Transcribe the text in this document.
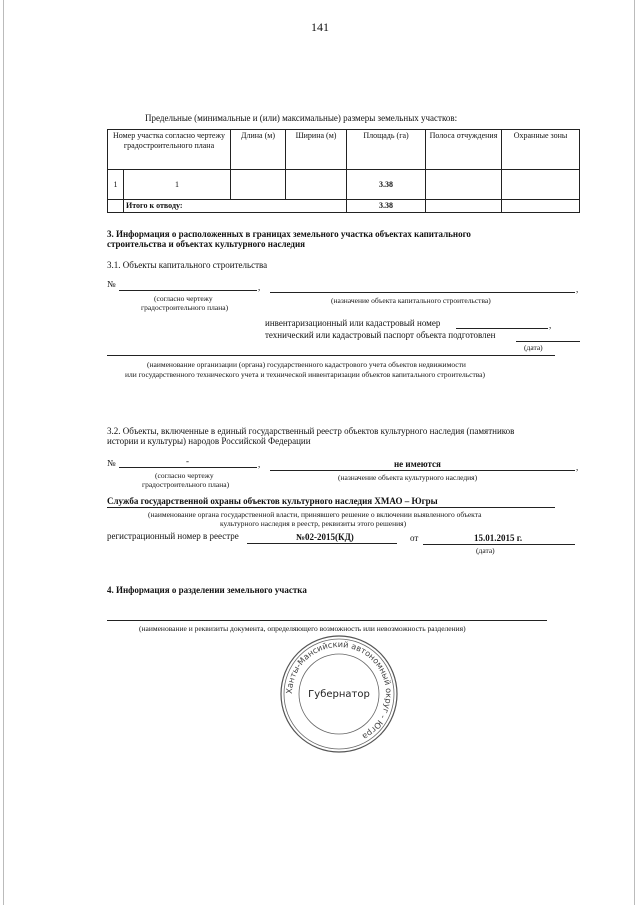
141
Предельные (минимальные и (или) максимальные) размеры земельных участков:
Номер участка согласно чертежу градостроительного плана		Длина (м)	Ширина (м)	Площадь (га)	Полоса отчуждения	Охранные зоны
1	1			3.38		
	Итого к отводу:			3.38		
3. Информация о расположенных в границах земельного участка объектах капитального
строительства и объектах культурного наследия
3.1. Объекты капитального строительства
№	,	,
(согласно чертежу
градостроительного плана)
(назначение объекта капитального строительства)
инвентаризационный или кадастровый номер	,
технический или кадастровый паспорт объекта подготовлен
(дата)
(наименование организации (органа) государственного кадастрового учета объектов недвижимости
или государственного технического учета и технической инвентаризации объектов капитального строительства)
3.2. Объекты, включенные в единый государственный реестр объектов культурного наследия (памятников
истории и культуры) народов Российской Федерации
№	-	,	не имеются	,
(согласно чертежу
градостроительного плана)
(назначение объекта культурного наследия)
Служба государственной охраны объектов культурного наследия ХМАО – Югры
(наименование органа государственной власти, принявшего решение о включении выявленного объекта
культурного наследия в реестр, реквизиты этого решения)
регистрационный номер в реестре	№02-2015(КД)	от	15.01.2015 г.
(дата)
4. Информация о разделении земельного участка
(наименование и реквизиты документа, определяющего возможность или невозможность разделения)
Ханты-Мансийский автономный округ - Югра
Губернатор
